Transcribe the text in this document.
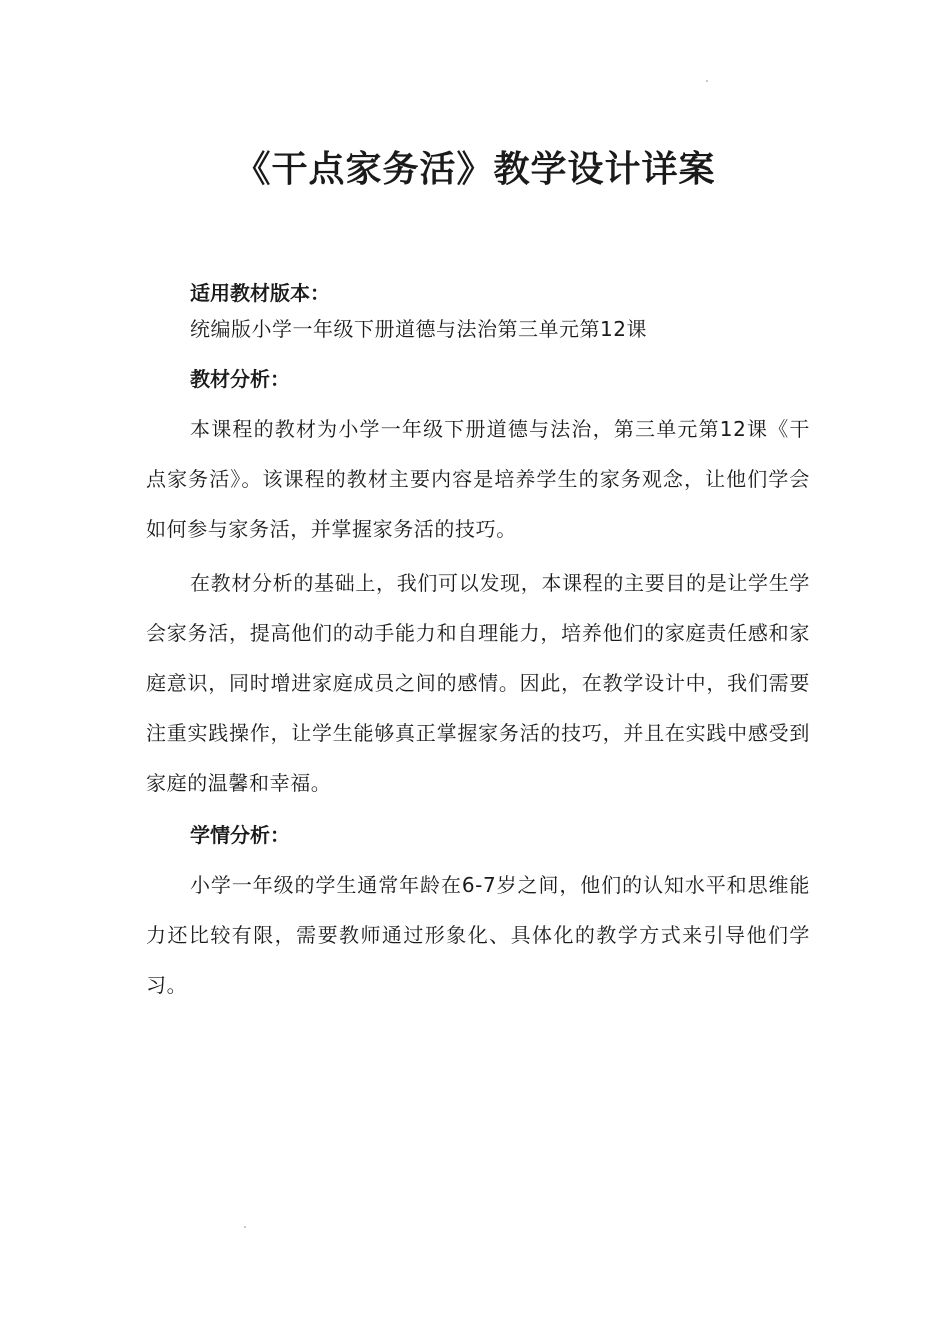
《干点家务活》教学设计详案
适用教材版本：
统编版小学一年级下册道德与法治第三单元第12课
教材分析：

本课程的教材为小学一年级下册道德与法治，第三单元第12课《干点家务活》。该课程的教材主要内容是培养学生的家务观念，让他们学会如何参与家务活，并掌握家务活的技巧。

在教材分析的基础上，我们可以发现，本课程的主要目的是让学生学会家务活，提高他们的动手能力和自理能力，培养他们的家庭责任感和家庭意识，同时增进家庭成员之间的感情。因此，在教学设计中，我们需要注重实践操作，让学生能够真正掌握家务活的技巧，并且在实践中感受到家庭的温馨和幸福。

学情分析：

小学一年级的学生通常年龄在6-7岁之间，他们的认知水平和思维能力还比较有限，需要教师通过形象化、具体化的教学方式来引导他们学习。
